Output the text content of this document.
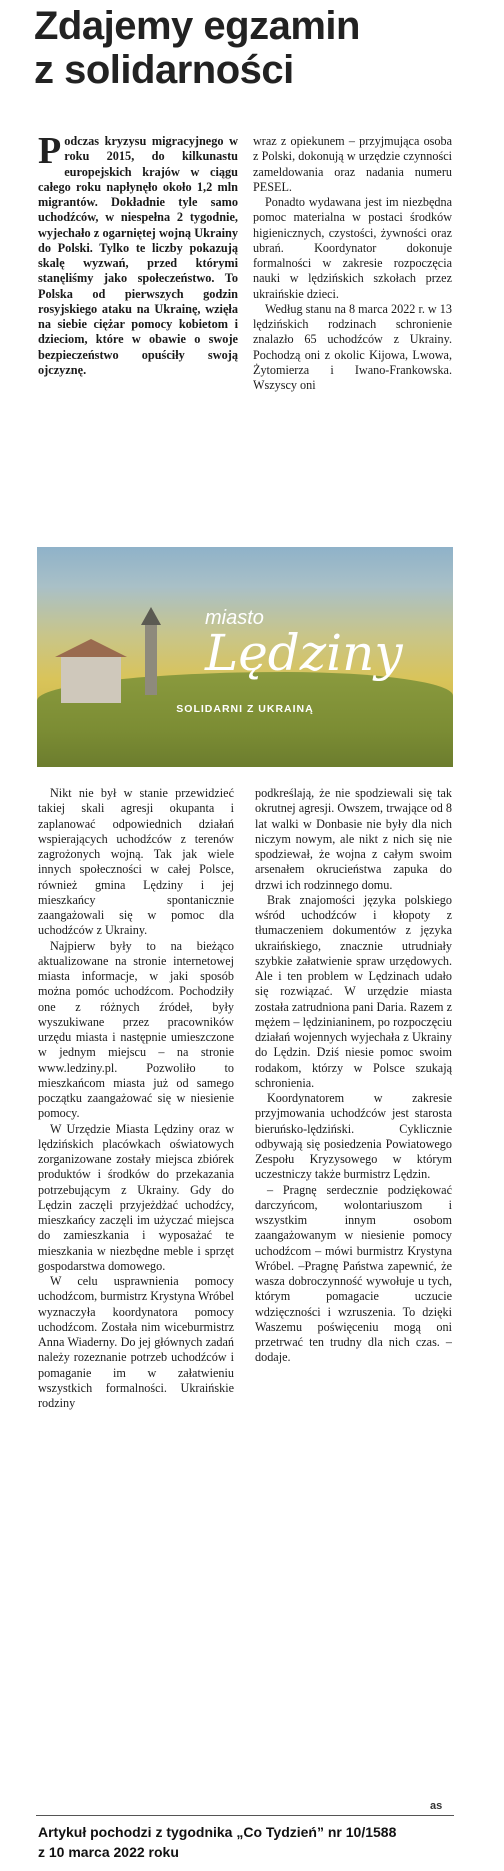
Zdajemy egzamin
z solidarności

Podczas kryzysu migracyjnego w roku 2015, do kilkunastu europejskich krajów w ciągu całego roku napłynęło około 1,2 mln migrantów. Dokładnie tyle samo uchodźców, w niespełna 2 tygodnie, wyjechało z ogarniętej wojną Ukrainy do Polski. Tylko te liczby pokazują skalę wyzwań, przed którymi stanęliśmy jako społeczeństwo. To Polska od pierwszych godzin rosyjskiego ataku na Ukrainę, wzięła na siebie ciężar pomocy kobietom i dzieciom, które w obawie o swoje bezpieczeństwo opuściły swoją ojczyznę.

wraz z opiekunem – przyjmująca osoba z Polski, dokonują w urzędzie czynności zameldowania oraz nadania numeru PESEL.

Ponadto wydawana jest im niezbędna pomoc materialna w postaci środków higienicznych, czystości, żywności oraz ubrań. Koordynator dokonuje formalności w zakresie rozpoczęcia nauki w lędzińskich szkołach przez ukraińskie dzieci.

Według stanu na 8 marca 2022 r. w 13 lędzińskich rodzinach schronienie znalazło 65 uchodźców z Ukrainy. Pochodzą oni z okolic Kijowa, Lwowa, Żytomierza i Iwano-Frankowska. Wszyscy oni

miasto
Lędziny
SOLIDARNI Z UKRAINĄ

Nikt nie był w stanie przewidzieć takiej skali agresji okupanta i zaplanować odpowiednich działań wspierających uchodźców z terenów zagrożonych wojną. Tak jak wiele innych społeczności w całej Polsce, również gmina Lędziny i jej mieszkańcy spontanicznie zaangażowali się w pomoc dla uchodźców z Ukrainy.

Najpierw były to na bieżąco aktualizowane na stronie internetowej miasta informacje, w jaki sposób można pomóc uchodźcom. Pochodziły one z różnych źródeł, były wyszukiwane przez pracowników urzędu miasta i następnie umieszczone w jednym miejscu – na stronie www.ledziny.pl. Pozwoliło to mieszkańcom miasta już od samego początku zaangażować się w niesienie pomocy.

W Urzędzie Miasta Lędziny oraz w lędzińskich placówkach oświatowych zorganizowane zostały miejsca zbiórek produktów i środków do przekazania potrzebującym z Ukrainy. Gdy do Lędzin zaczęli przyjeżdżać uchodźcy, mieszkańcy zaczęli im użyczać miejsca do zamieszkania i wyposażać te mieszkania w niezbędne meble i sprzęt gospodarstwa domowego.

W celu usprawnienia pomocy uchodźcom, burmistrz Krystyna Wróbel wyznaczyła koordynatora pomocy uchodźcom. Została nim wiceburmistrz Anna Wiaderny. Do jej głównych zadań należy rozeznanie potrzeb uchodźców i pomaganie im w załatwieniu wszystkich formalności. Ukraińskie rodziny

podkreślają, że nie spodziewali się tak okrutnej agresji. Owszem, trwające od 8 lat walki w Donbasie nie były dla nich niczym nowym, ale nikt z nich się nie spodziewał, że wojna z całym swoim arsenałem okrucieństwa zapuka do drzwi ich rodzinnego domu.

Brak znajomości języka polskiego wśród uchodźców i kłopoty z tłumaczeniem dokumentów z języka ukraińskiego, znacznie utrudniały szybkie załatwienie spraw urzędowych. Ale i ten problem w Lędzinach udało się rozwiązać. W urzędzie miasta została zatrudniona pani Daria. Razem z mężem – lędzinianinem, po rozpoczęciu działań wojennych wyjechała z Ukrainy do Lędzin. Dziś niesie pomoc swoim rodakom, którzy w Polsce szukają schronienia.

Koordynatorem w zakresie przyjmowania uchodźców jest starosta bieruńsko-lędziński. Cyklicznie odbywają się posiedzenia Powiatowego Zespołu Kryzysowego w którym uczestniczy także burmistrz Lędzin.

– Pragnę serdecznie podziękować darczyńcom, wolontariuszom i wszystkim innym osobom zaangażowanym w niesienie pomocy uchodźcom – mówi burmistrz Krystyna Wróbel. –Pragnę Państwa zapewnić, że wasza dobroczynność wywołuje u tych, którym pomagacie uczucie wdzięczności i wzruszenia. To dzięki Waszemu poświęceniu mogą oni przetrwać ten trudny dla nich czas. – dodaje.

as
Artykuł pochodzi z tygodnika „Co Tydzień” nr 10/1588
z 10 marca 2022 roku
